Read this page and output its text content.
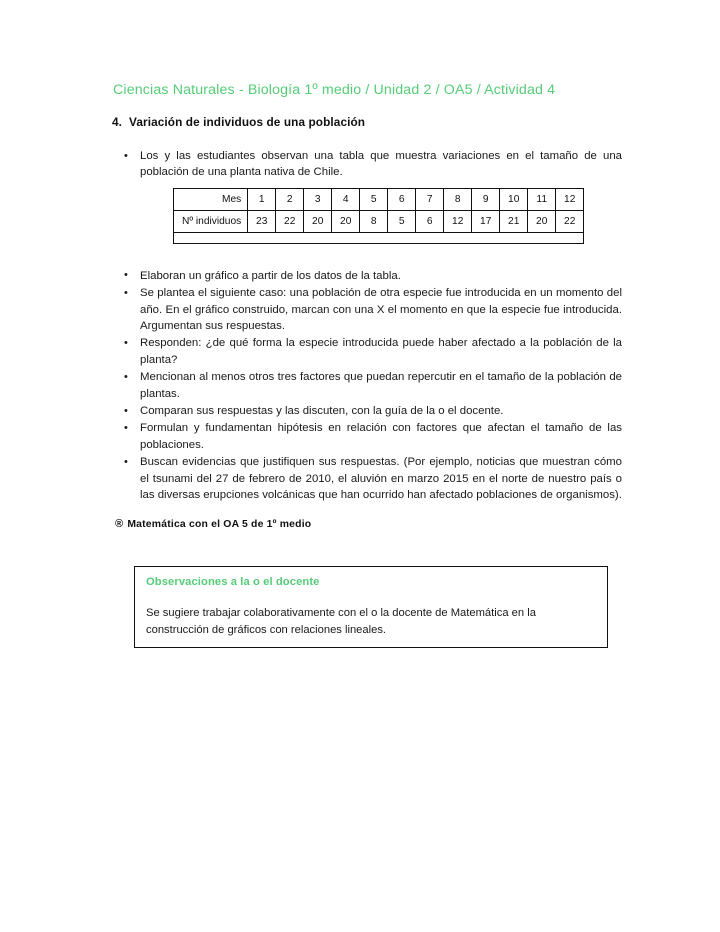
Ciencias Naturales - Biología 1º medio / Unidad 2 / OA5 / Actividad 4
4. Variación de individuos de una población
• Los y las estudiantes observan una tabla que muestra variaciones en el tamaño de una población de una planta nativa de Chile.
• Elaboran un gráfico a partir de los datos de la tabla.
• Se plantea el siguiente caso: una población de otra especie fue introducida en un momento del año. En el gráfico construido, marcan con una X el momento en que la especie fue introducida. Argumentan sus respuestas.
• Responden: ¿de qué forma la especie introducida puede haber afectado a la población de la planta?
• Mencionan al menos otros tres factores que puedan repercutir en el tamaño de la población de plantas.
• Comparan sus respuestas y las discuten, con la guía de la o el docente.
• Formulan y fundamentan hipótesis en relación con factores que afectan el tamaño de las poblaciones.
• Buscan evidencias que justifiquen sus respuestas. (Por ejemplo, noticias que muestran cómo el tsunami del 27 de febrero de 2010, el aluvión en marzo 2015 en el norte de nuestro país o las diversas erupciones volcánicas que han ocurrido han afectado poblaciones de organismos).
Mes	1	2	3	4	5	6	7	8	9	10	11	12
Nº individuos	23	22	20	20	8	5	6	12	17	21	20	22
® Matemática con el OA 5 de 1º medio
Observaciones a la o el docente
Se sugiere trabajar colaborativamente con el o la docente de Matemática en la construcción de gráficos con relaciones lineales.
